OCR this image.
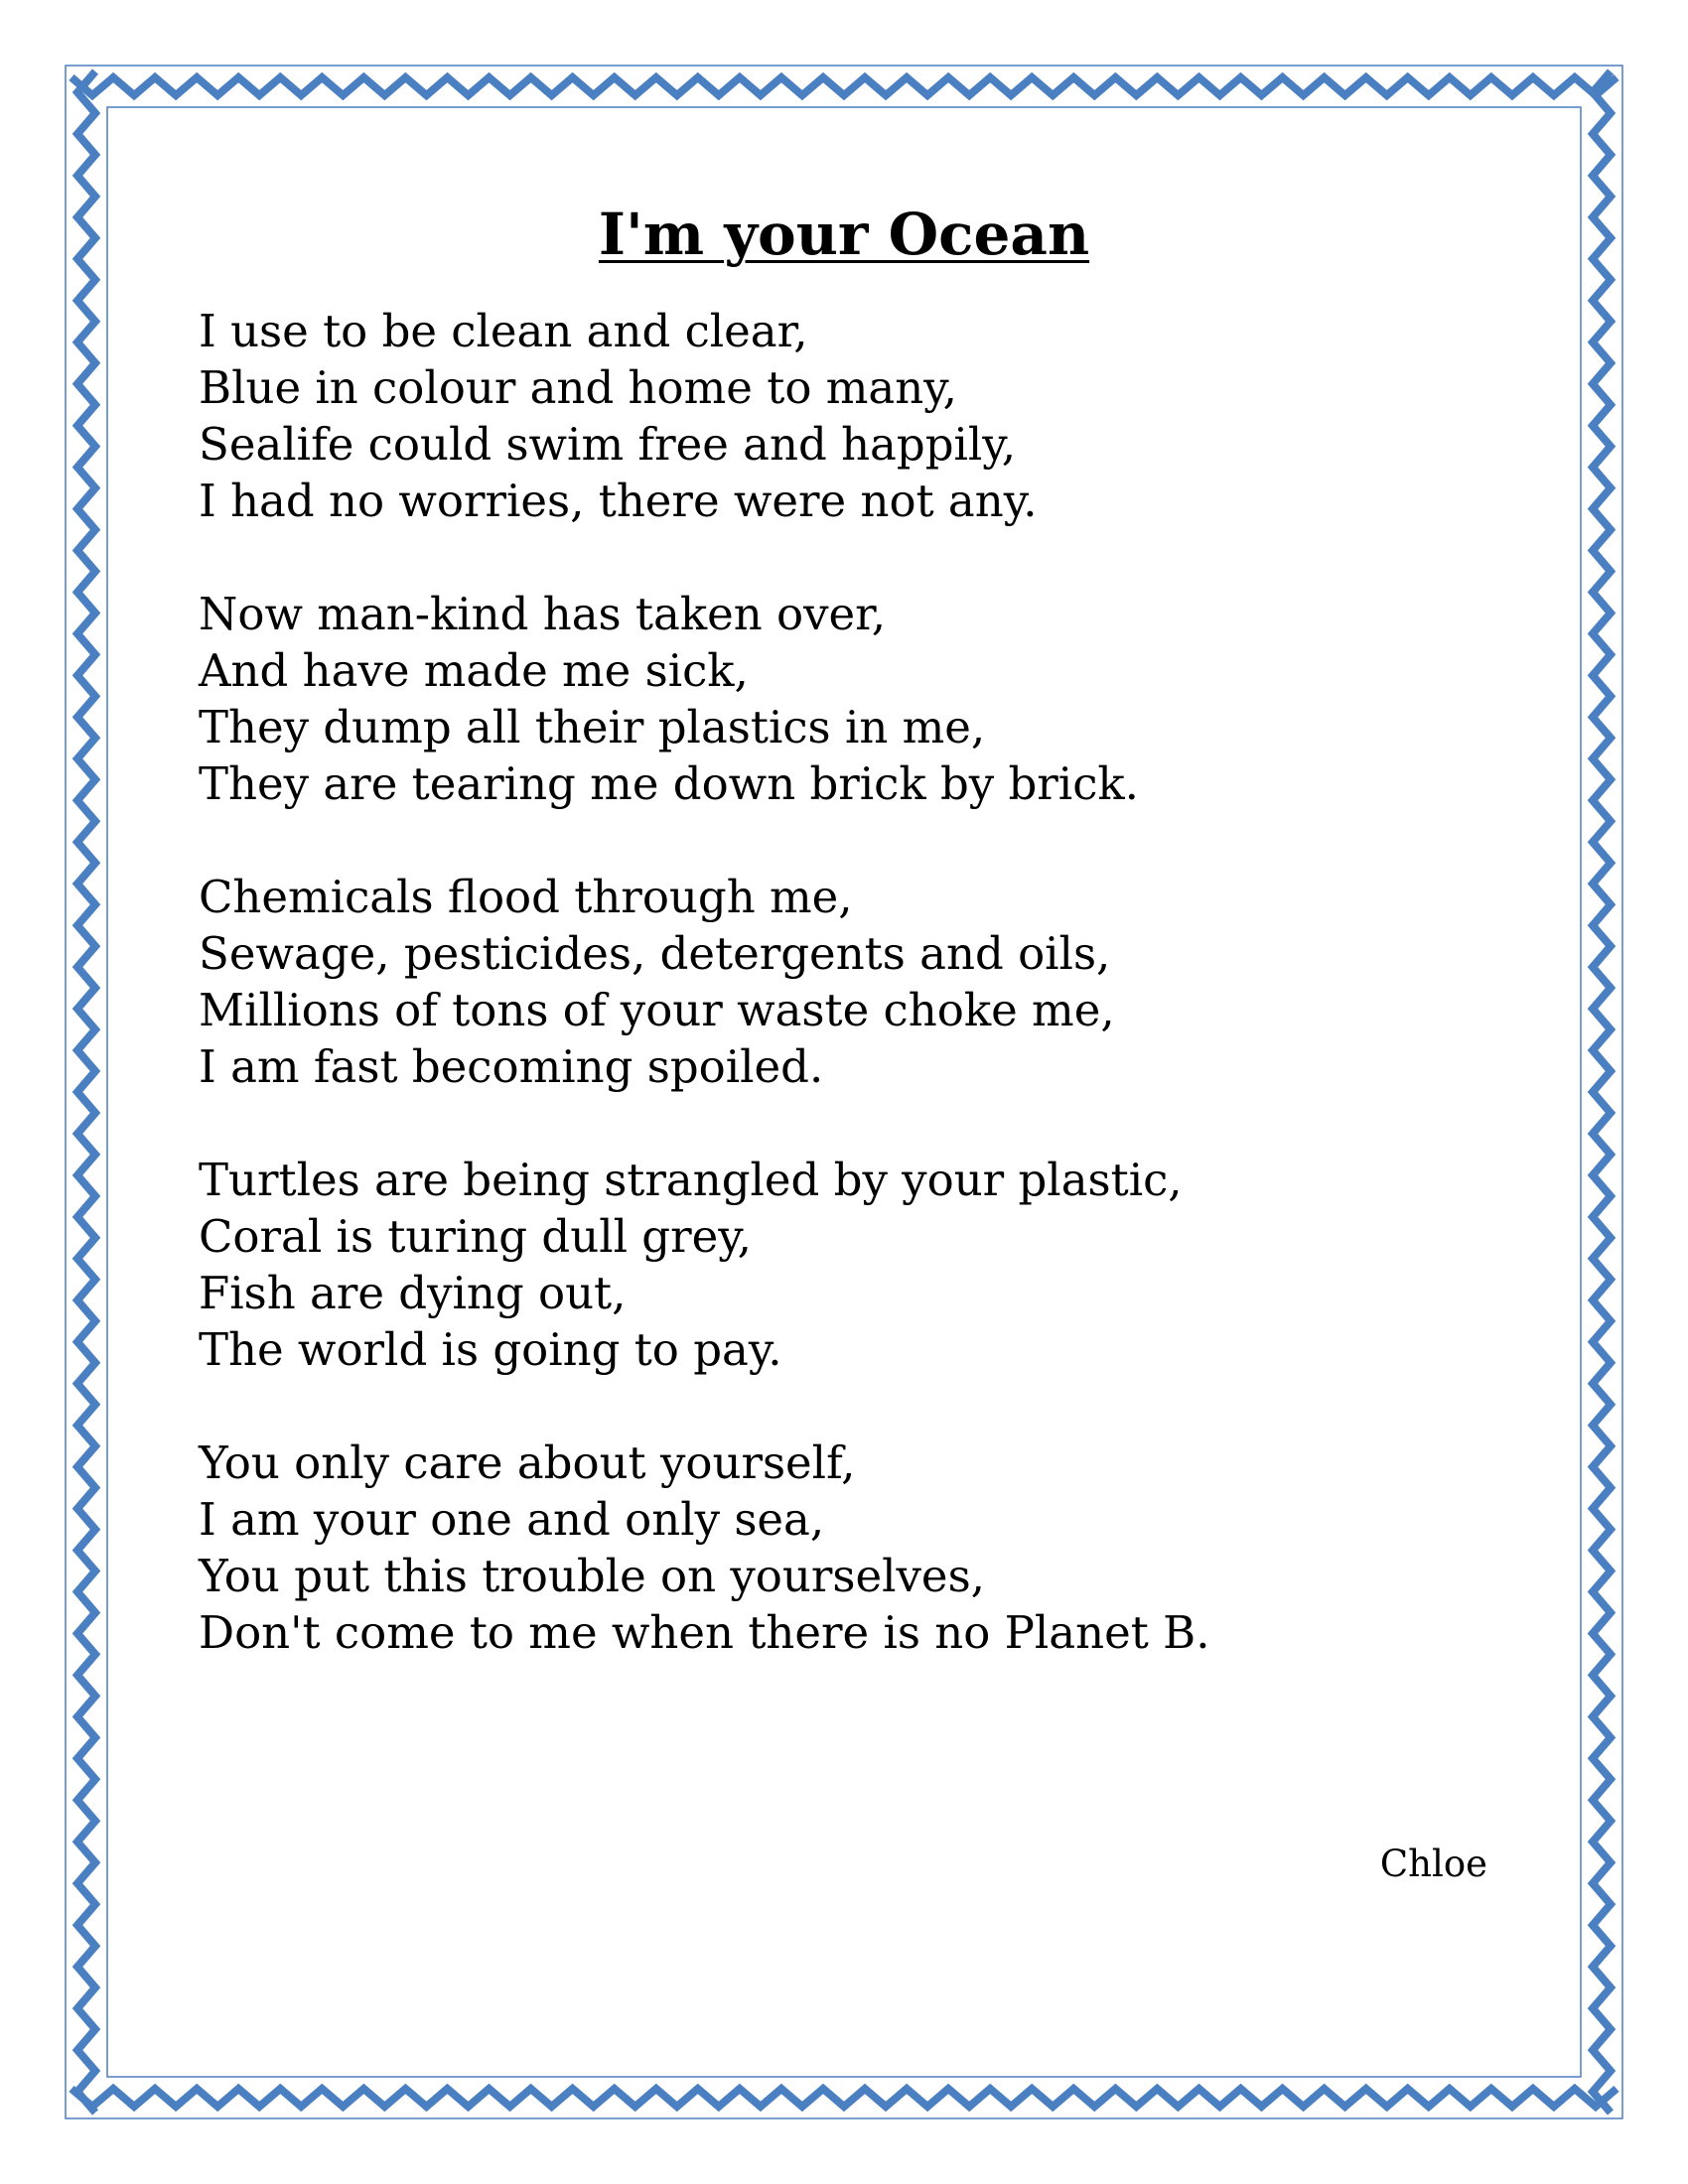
I'm your Ocean
I use to be clean and clear,
Blue in colour and home to many,
Sealife could swim free and happily,
I had no worries, there were not any.
Now man-kind has taken over,
And have made me sick,
They dump all their plastics in me,
They are tearing me down brick by brick.
Chemicals flood through me,
Sewage, pesticides, detergents and oils,
Millions of tons of your waste choke me,
I am fast becoming spoiled.
Turtles are being strangled by your plastic,
Coral is turing dull grey,
Fish are dying out,
The world is going to pay.
You only care about yourself,
I am your one and only sea,
You put this trouble on yourselves,
Don't come to me when there is no Planet B.
Chloe
